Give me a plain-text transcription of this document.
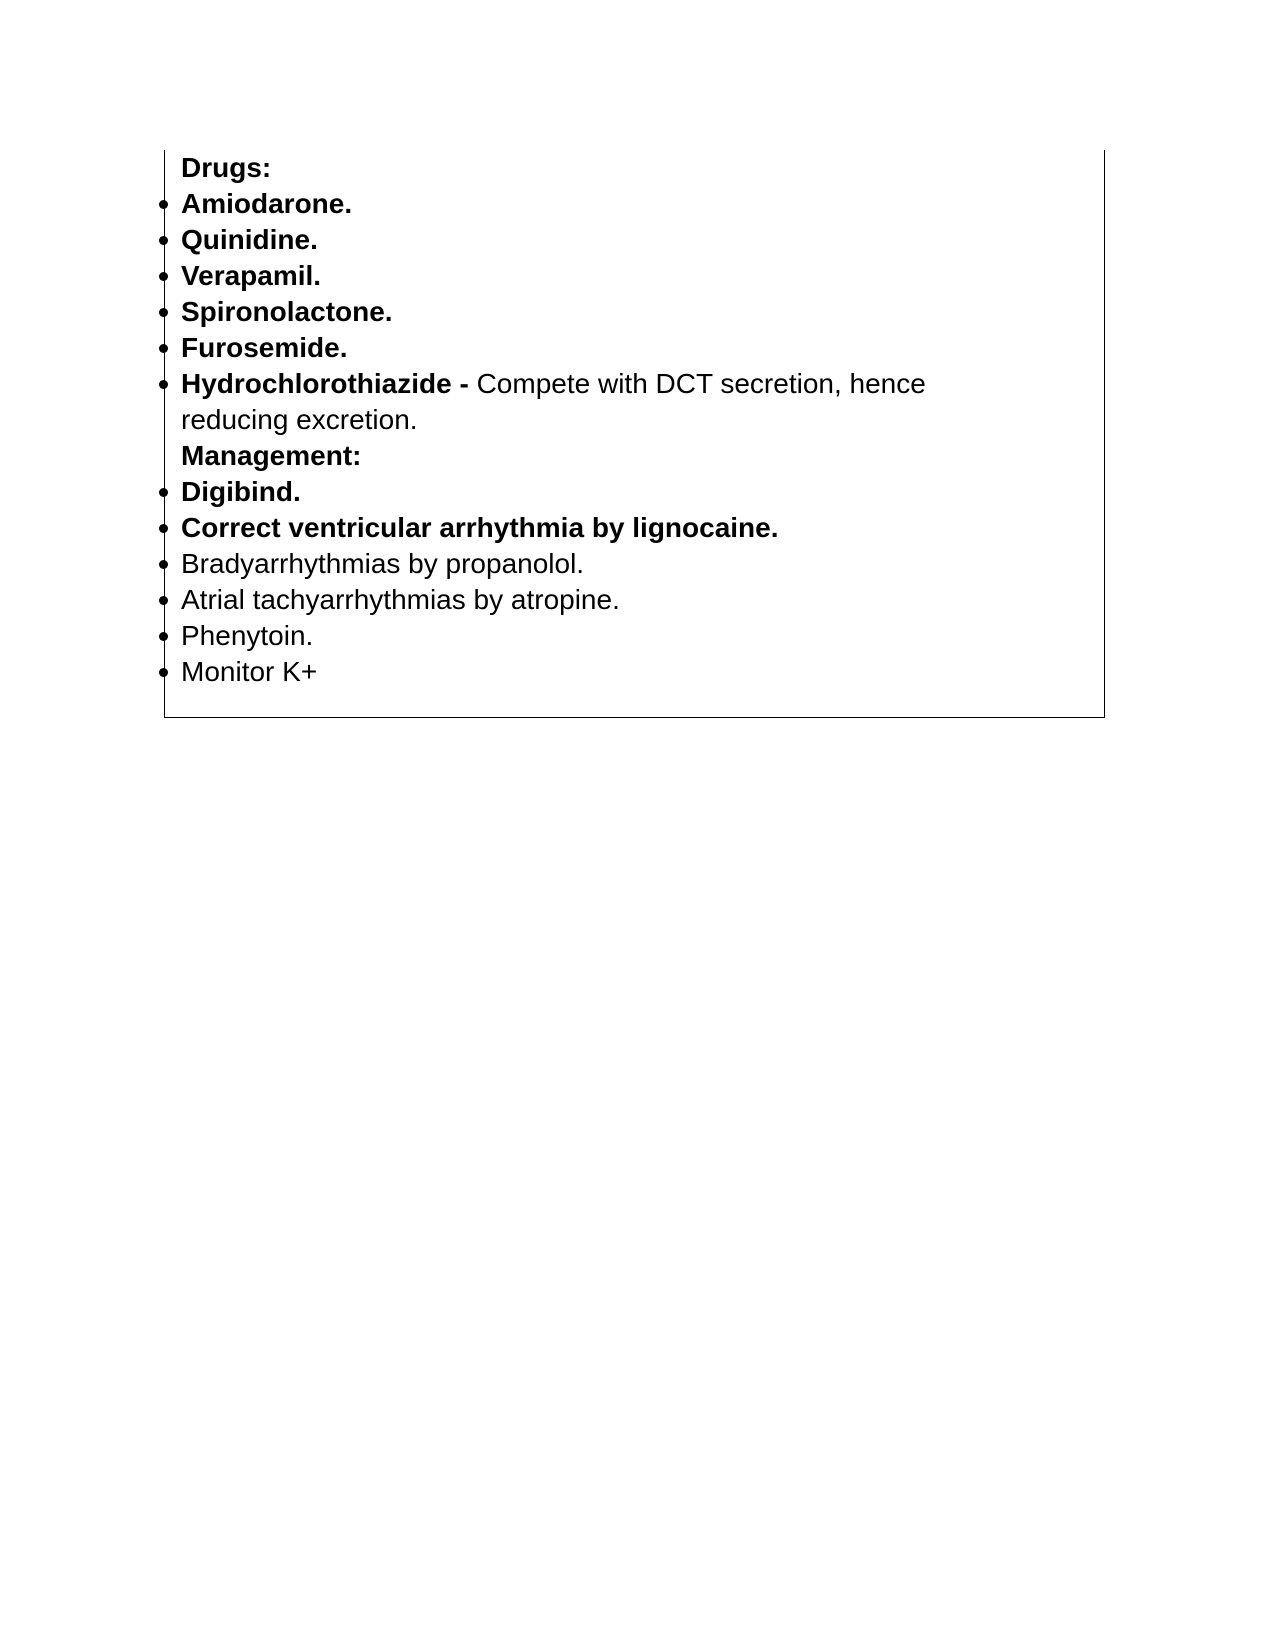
Drugs:
Amiodarone.
Quinidine.
Verapamil.
Spironolactone.
Furosemide.
Hydrochlorothiazide - Compete with DCT secretion, hence reducing excretion.
Management:
Digibind.
Correct ventricular arrhythmia by lignocaine.
Bradyarrhythmias by propanolol.
Atrial tachyarrhythmias by atropine.
Phenytoin.
Monitor K+
